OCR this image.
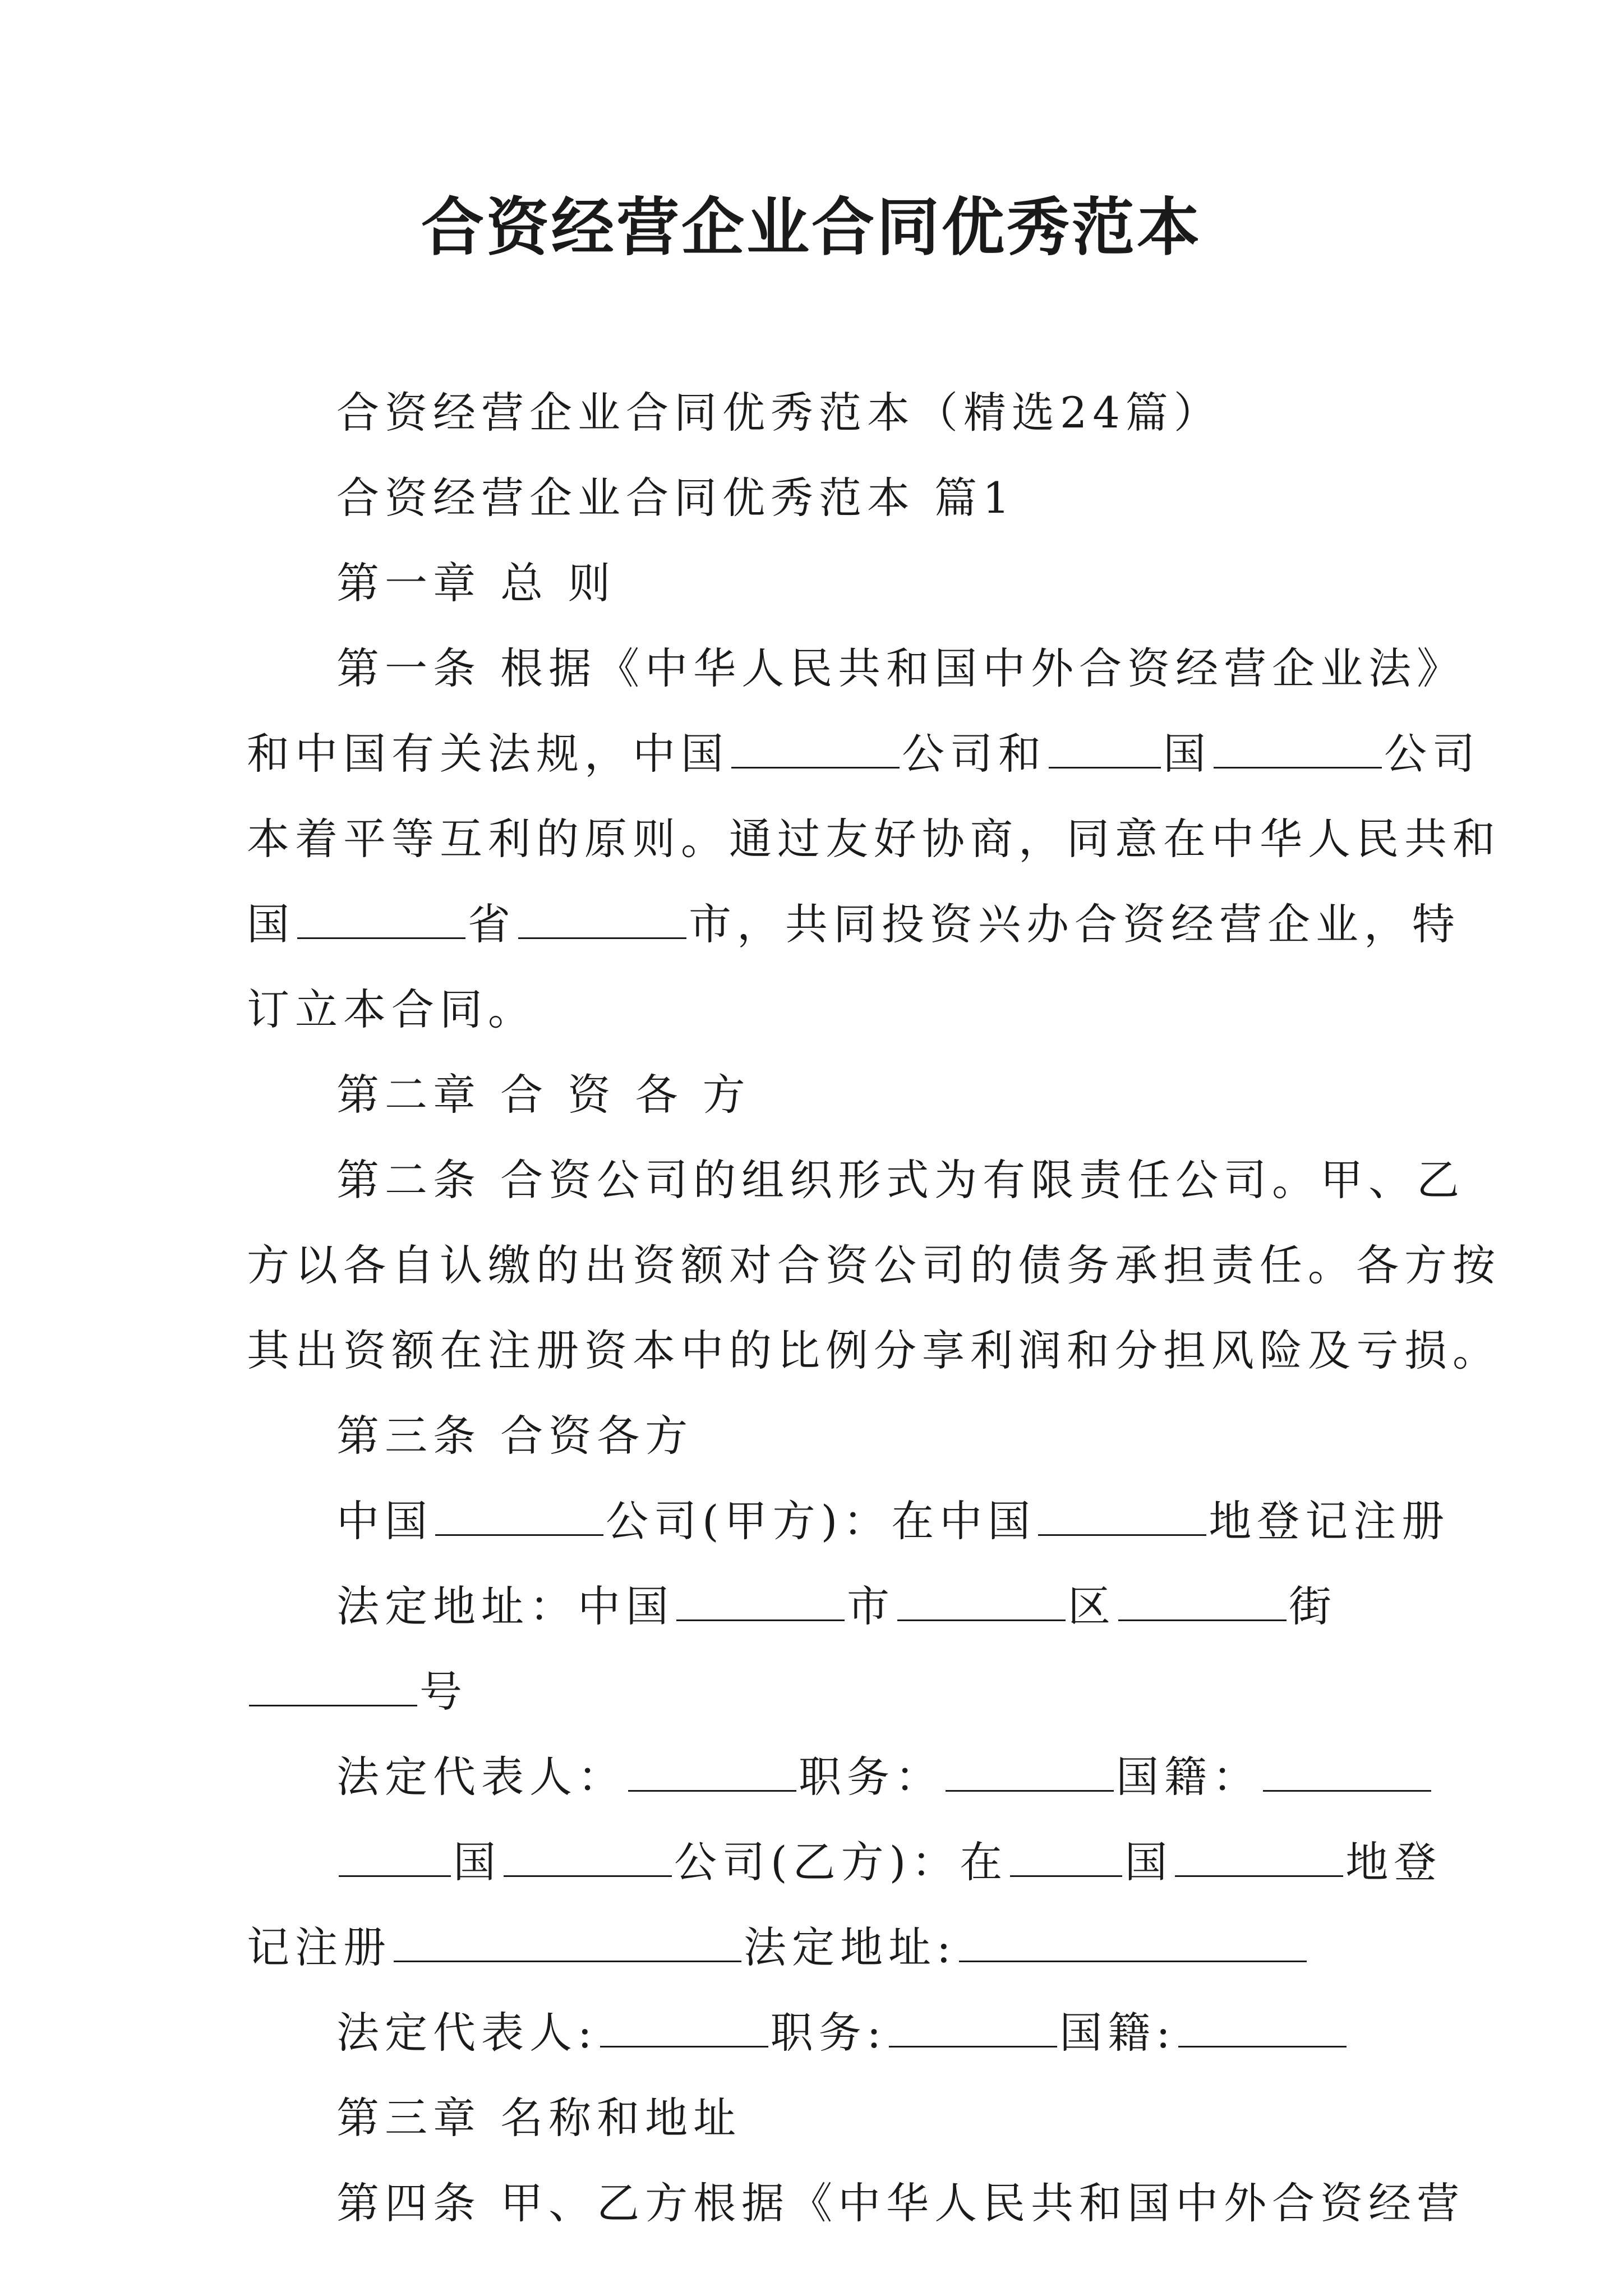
合资经营企业合同优秀范本

合资经营企业合同优秀范本（精选24篇）

合资经营企业合同优秀范本 篇1

第一章 总 则

第一条 根据《中华人民共和国中外合资经营企业法》

和中国有关法规，中国	公司和	国	公司

本着平等互利的原则。通过友好协商，同意在中华人民共和

国	省	市，共同投资兴办合资经营企业，特

订立本合同。

第二章 合 资 各 方

第二条 合资公司的组织形式为有限责任公司。甲、乙

方以各自认缴的出资额对合资公司的债务承担责任。各方按

其出资额在注册资本中的比例分享利润和分担风险及亏损。

第三条 合资各方

中国	公司(甲方)：在中国	地登记注册

法定地址：中国	市	区	街

号

法定代表人：	职务：	国籍：

国	公司(乙方)：在	国	地登

记注册	法定地址:

法定代表人:	职务:	国籍:

第三章 名称和地址

第四条 甲、乙方根据《中华人民共和国中外合资经营
